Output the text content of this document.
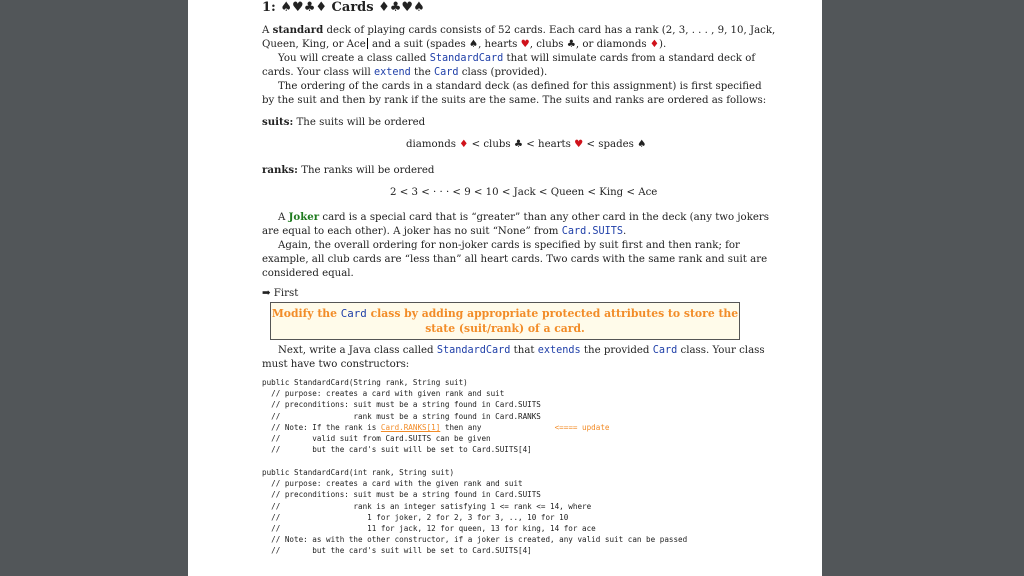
1: ♠♥♣♦ Cards ♦♣♥♠
A standard deck of playing cards consists of 52 cards. Each card has a rank (2, 3, . . . , 9, 10, Jack,
Queen, King, or Ace and a suit (spades ♠, hearts ♥, clubs ♣, or diamonds ♦).
You will create a class called StandardCard that will simulate cards from a standard deck of
cards. Your class will extend the Card class (provided).
The ordering of the cards in a standard deck (as defined for this assignment) is first specified
by the suit and then by rank if the suits are the same. The suits and ranks are ordered as follows:
suits: The suits will be ordered
diamonds ♦ < clubs ♣ < hearts ♥ < spades ♠
ranks: The ranks will be ordered
2 < 3 < · · · < 9 < 10 < Jack < Queen < King < Ace
A Joker card is a special card that is “greater” than any other card in the deck (any two jokers
are equal to each other). A joker has no suit “None” from Card.SUITS.
Again, the overall ordering for non-joker cards is specified by suit first and then rank; for
example, all club cards are “less than” all heart cards. Two cards with the same rank and suit are
considered equal.
➡ First
Modify the Card class by adding appropriate protected attributes to store the
state (suit/rank) of a card.
Next, write a Java class called StandardCard that extends the provided Card class. Your class
must have two constructors:
public StandardCard(String rank, String suit)
// purpose: creates a card with given rank and suit
// preconditions: suit must be a string found in Card.SUITS
//                rank must be a string found in Card.RANKS
// Note: If the rank is Card.RANKS[1] then any                <==== update
//       valid suit from Card.SUITS can be given
//       but the card's suit will be set to Card.SUITS[4]
public StandardCard(int rank, String suit)
// purpose: creates a card with the given rank and suit
// preconditions: suit must be a string found in Card.SUITS
//                rank is an integer satisfying 1 <= rank <= 14, where
//                   1 for joker, 2 for 2, 3 for 3, .., 10 for 10
//                   11 for jack, 12 for queen, 13 for king, 14 for ace
// Note: as with the other constructor, if a joker is created, any valid suit can be passed
//       but the card's suit will be set to Card.SUITS[4]
